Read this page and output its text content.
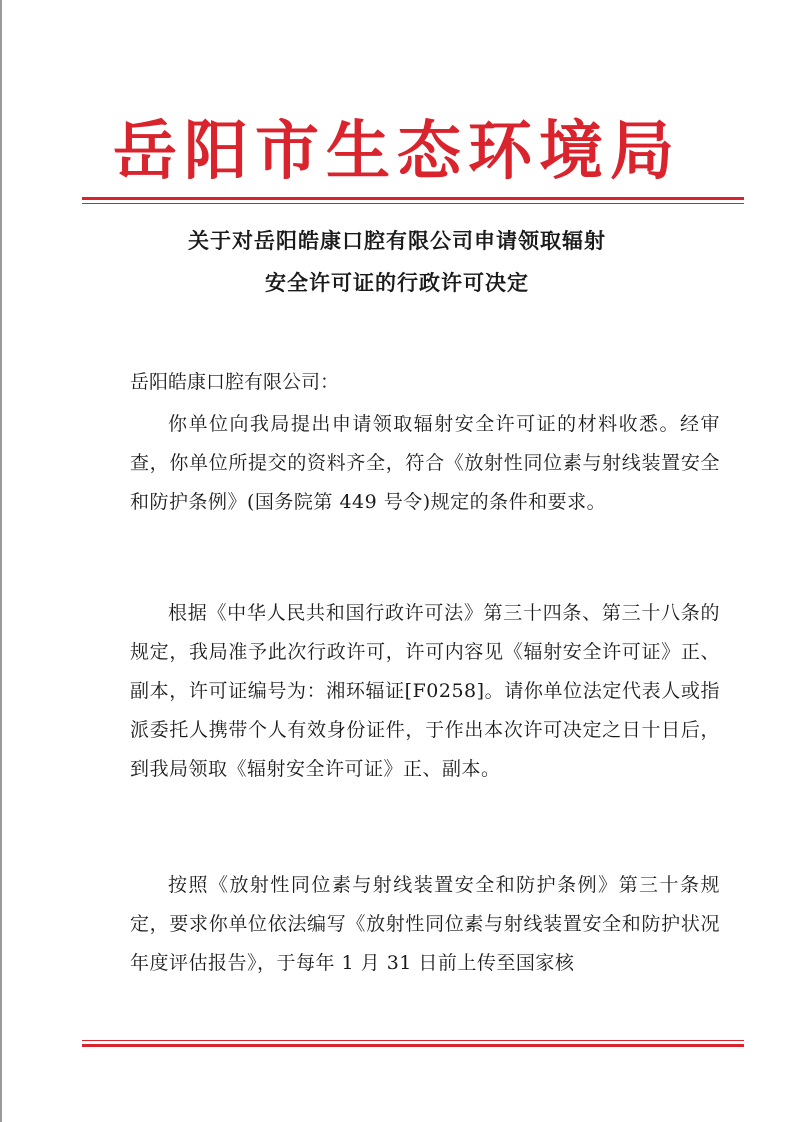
岳阳市生态环境局
关于对岳阳皓康口腔有限公司申请领取辐射
安全许可证的行政许可决定
岳阳皓康口腔有限公司：
你单位向我局提出申请领取辐射安全许可证的材料收悉。经审查，你单位所提交的资料齐全，符合《放射性同位素与射线装置安全和防护条例》(国务院第 449 号令)规定的条件和要求。
根据《中华人民共和国行政许可法》第三十四条、第三十八条的规定，我局准予此次行政许可，许可内容见《辐射安全许可证》正、副本，许可证编号为：湘环辐证[F0258]。请你单位法定代表人或指派委托人携带个人有效身份证件，于作出本次许可决定之日十日后，到我局领取《辐射安全许可证》正、副本。
按照《放射性同位素与射线装置安全和防护条例》第三十条规定，要求你单位依法编写《放射性同位素与射线装置安全和防护状况年度评估报告》，于每年 1 月 31 日前上传至国家核
